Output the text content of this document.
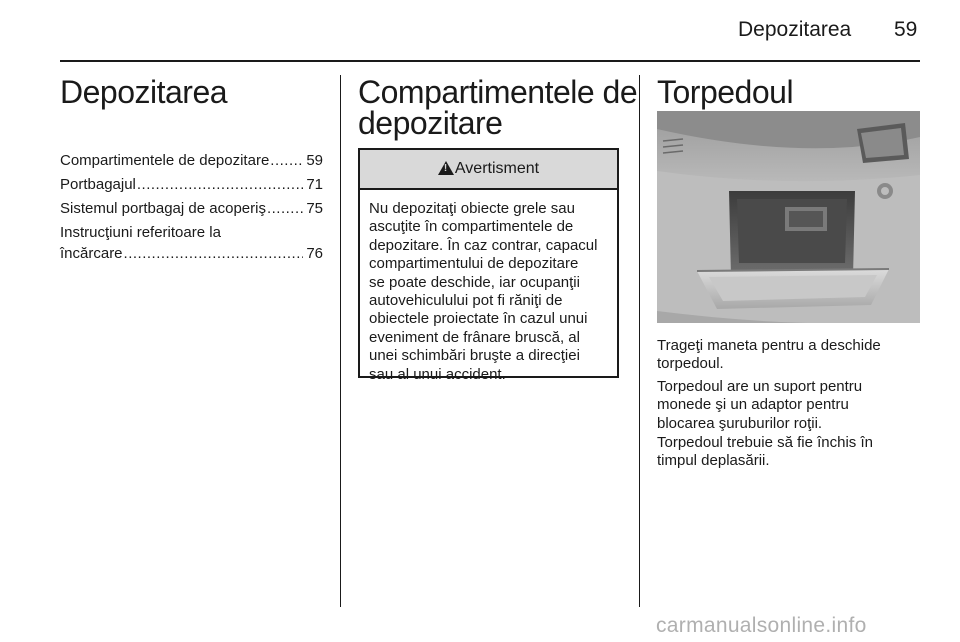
Depozitarea 59
Depozitarea
Compartimentele de depozitare ..... 59
Portbagajul .....	71
Sistemul portbagaj de acoperiş .....	75
Instrucţiuni referitoare la
încărcare .....	76
Compartimentele de
depozitare
!
Avertisment
Nu depozitaţi obiecte grele sau
ascuţite în compartimentele de
depozitare. În caz contrar, capacul
compartimentului de depozitare
se poate deschide, iar ocupanţii
autovehiculului pot fi răniţi de
obiectele proiectate în cazul unui
eveniment de frânare bruscă, al
unei schimbări bruşte a direcţiei
sau al unui accident.
Torpedoul
Trageţi maneta pentru a deschide
torpedoul.
Torpedoul are un suport pentru
monede şi un adaptor pentru
blocarea şuruburilor roţii.
Torpedoul trebuie să fie închis în
timpul deplasării.
carmanualsonline.info
